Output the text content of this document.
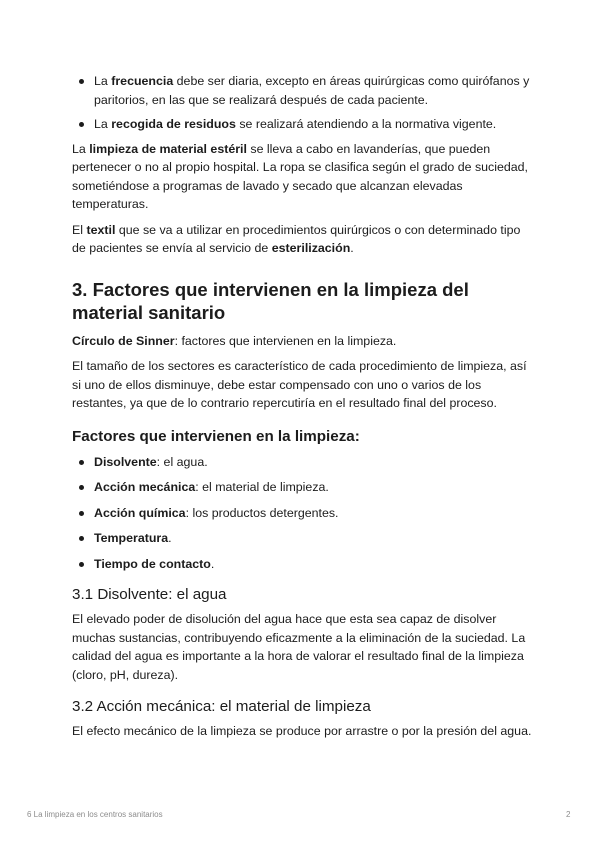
La frecuencia debe ser diaria, excepto en áreas quirúrgicas como quirófanos y paritorios, en las que se realizará después de cada paciente.
La recogida de residuos se realizará atendiendo a la normativa vigente.

La limpieza de material estéril se lleva a cabo en lavanderías, que pueden pertenecer o no al propio hospital. La ropa se clasifica según el grado de suciedad, sometiéndose a programas de lavado y secado que alcanzan elevadas temperaturas.

El textil que se va a utilizar en procedimientos quirúrgicos o con determinado tipo de pacientes se envía al servicio de esterilización.

3. Factores que intervienen en la limpieza del material sanitario

Círculo de Sinner: factores que intervienen en la limpieza.

El tamaño de los sectores es característico de cada procedimiento de limpieza, así si uno de ellos disminuye, debe estar compensado con uno o varios de los restantes, ya que de lo contrario repercutiría en el resultado final del proceso.

Factores que intervienen en la limpieza:
Disolvente: el agua.
Acción mecánica: el material de limpieza.
Acción química: los productos detergentes.
Temperatura.
Tiempo de contacto.
3.1 Disolvente: el agua

El elevado poder de disolución del agua hace que esta sea capaz de disolver muchas sustancias, contribuyendo eficazmente a la eliminación de la suciedad. La calidad del agua es importante a la hora de valorar el resultado final de la limpieza (cloro, pH, dureza).

3.2 Acción mecánica: el material de limpieza

El efecto mecánico de la limpieza se produce por arrastre o por la presión del agua.

6 La limpieza en los centros sanitarios	2
